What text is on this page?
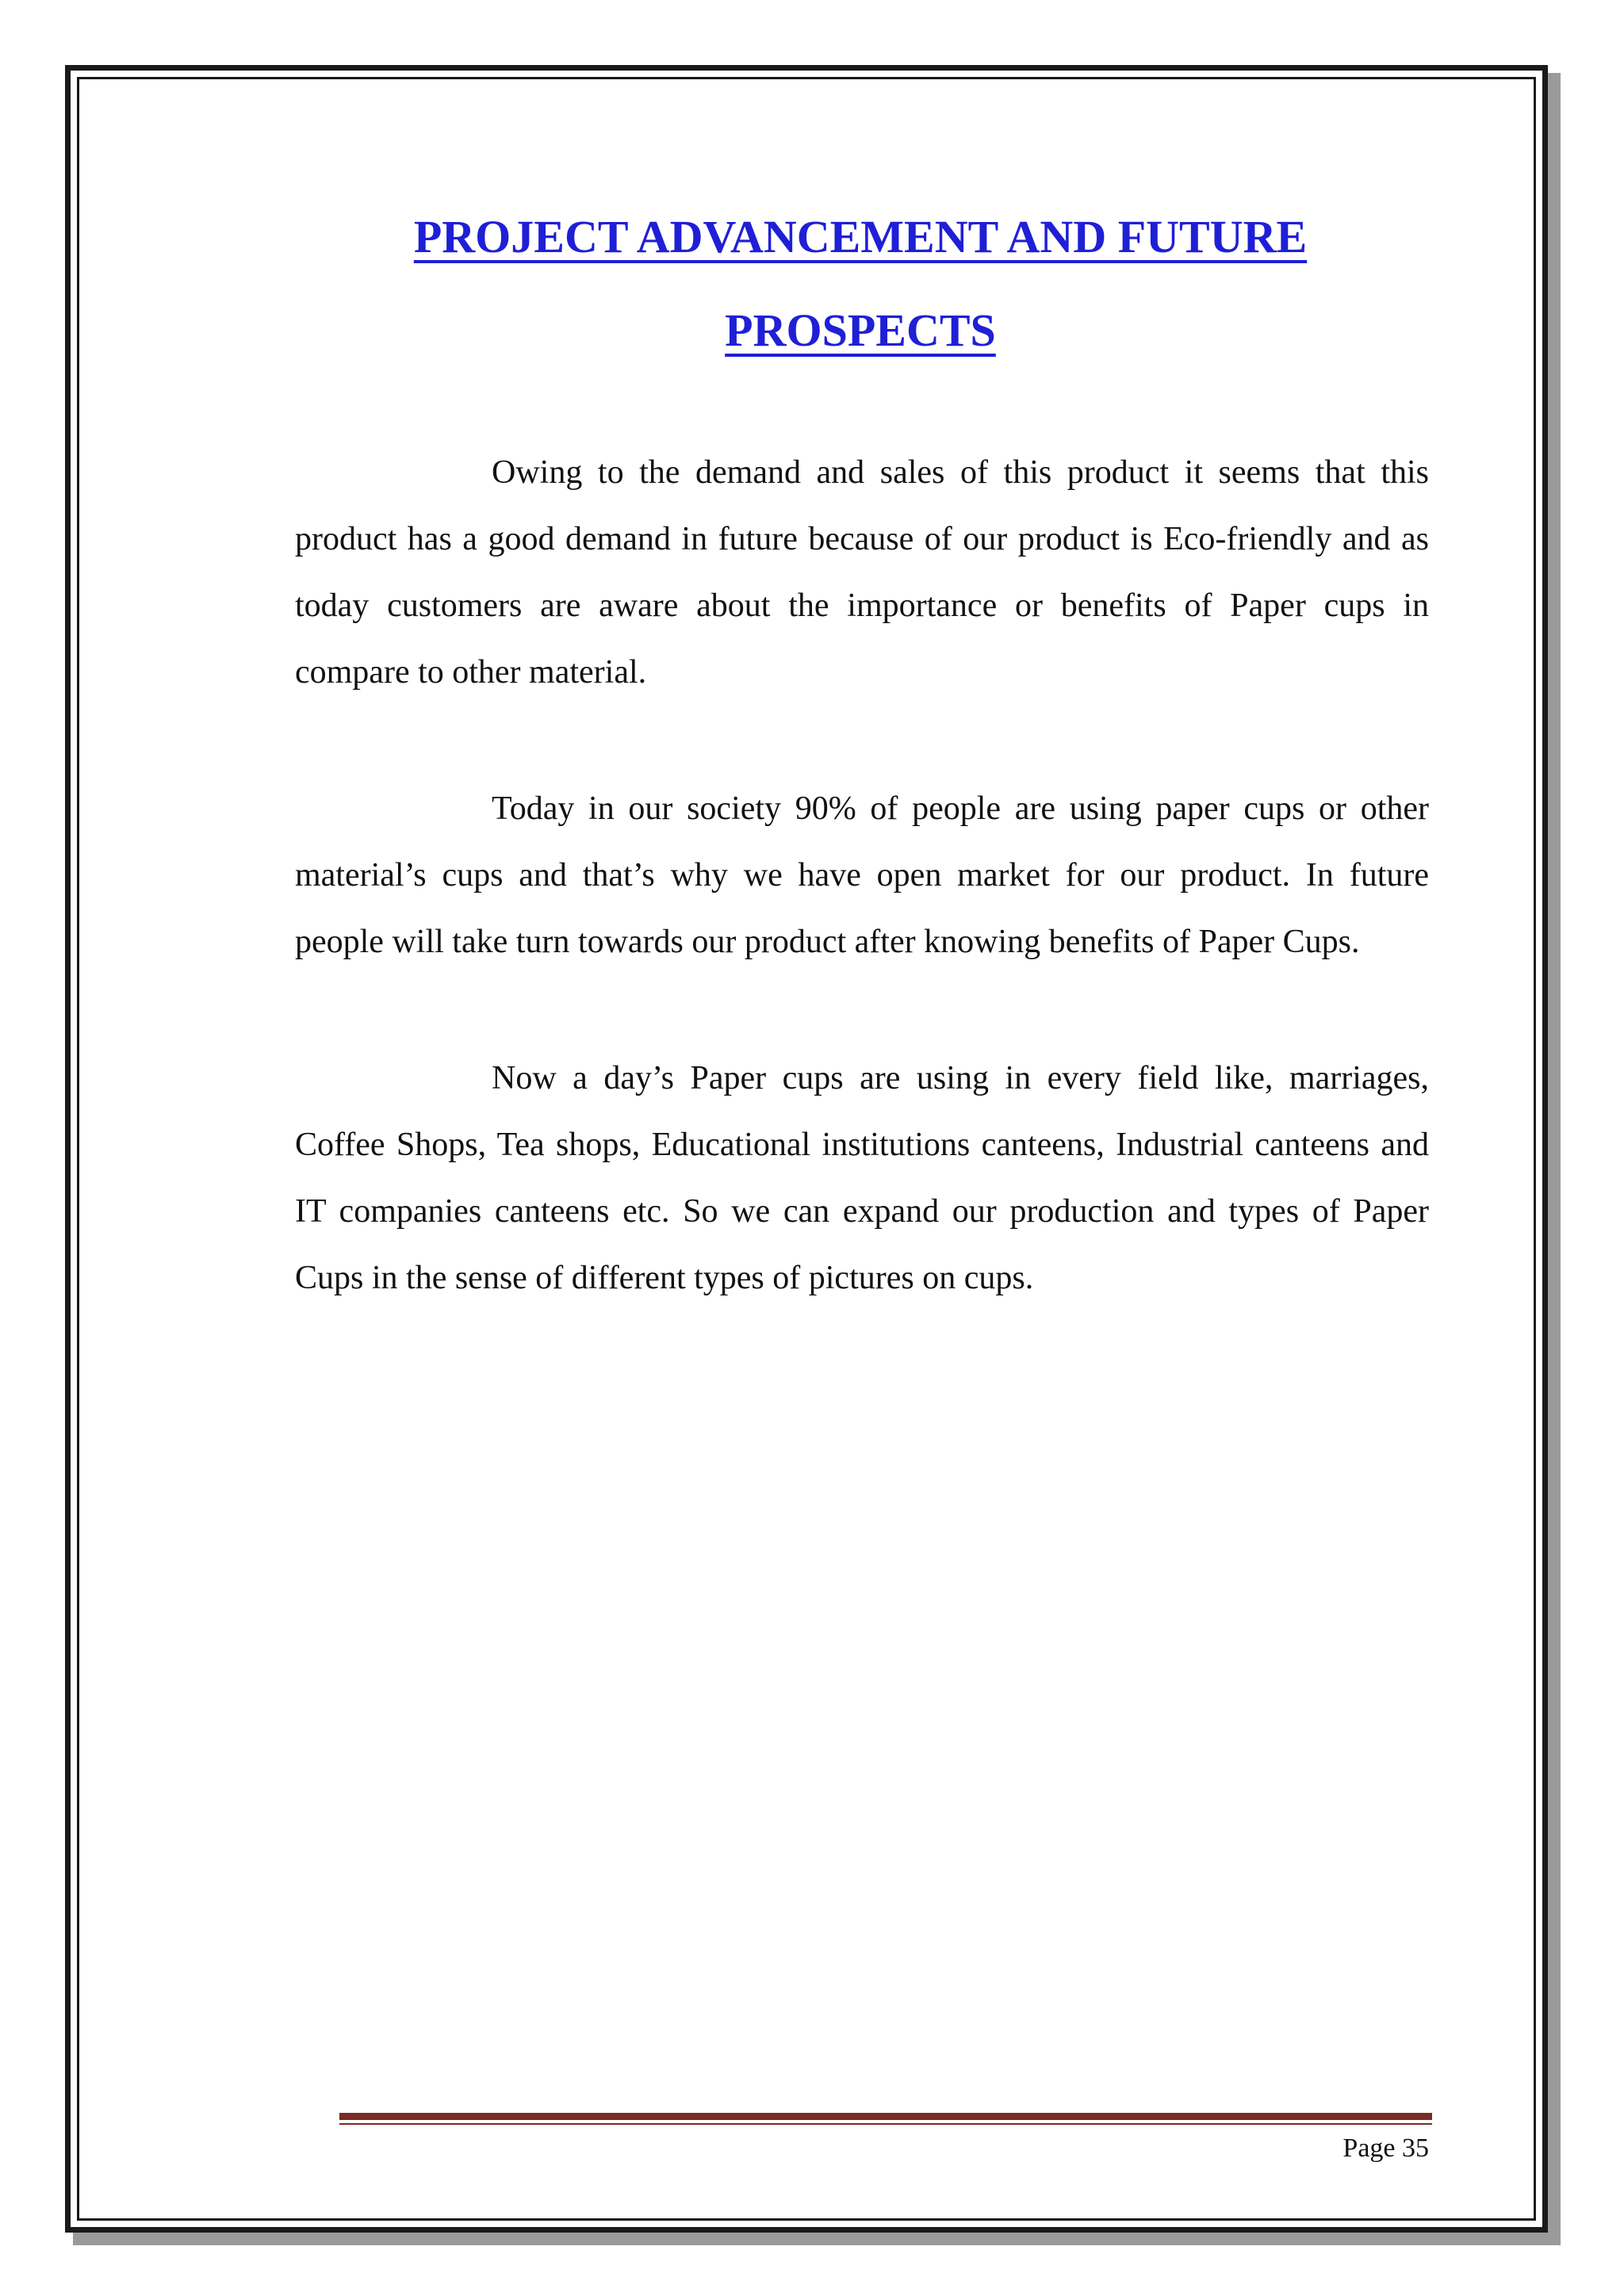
PROJECT ADVANCEMENT AND FUTURE PROSPECTS

Owing to the demand and sales of this product it seems that this product has a good demand in future because of our product is Eco-friendly and as today customers are aware about the importance or benefits of Paper cups in compare to other material.

Today in our society 90% of people are using paper cups or other material’s cups and that’s why we have open market for our product. In future people will take turn towards our product after knowing benefits of Paper Cups.

Now a day’s Paper cups are using in every field like, marriages, Coffee Shops, Tea shops, Educational institutions canteens, Industrial canteens and IT companies canteens etc. So we can expand our production and types of Paper Cups in the sense of different types of pictures on cups.

Page 35
